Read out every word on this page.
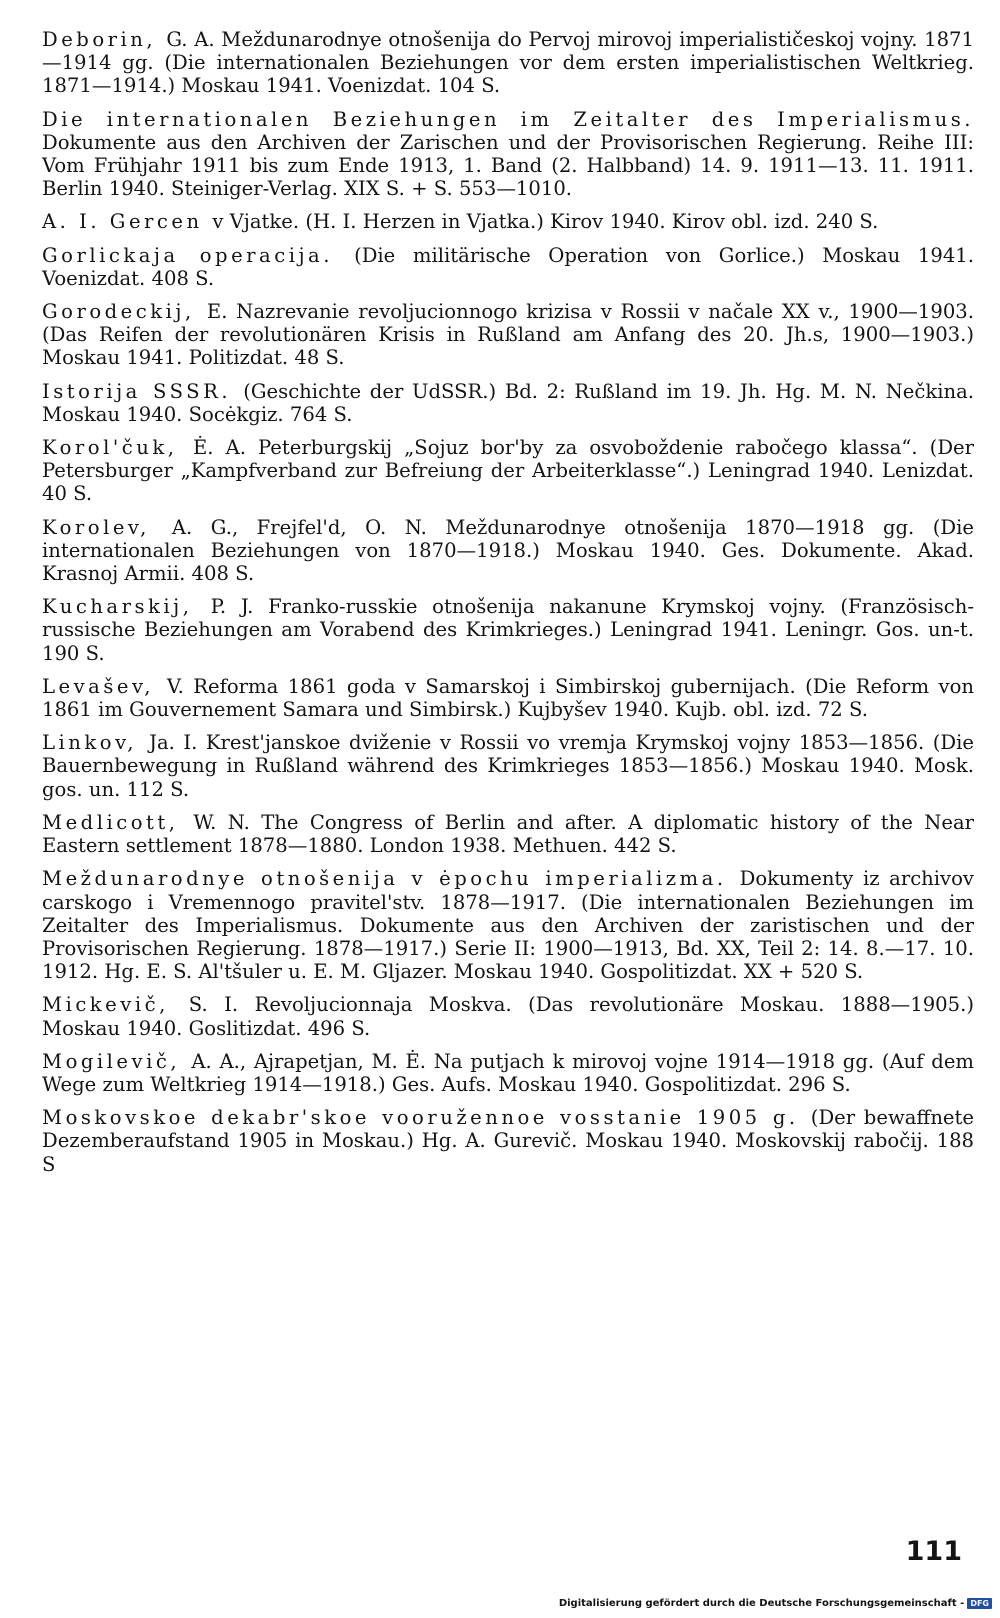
Deborin, G. A. Meždunarodnye otnošenija do Pervoj mirovoj imperialističeskoj vojny. 1871—1914 gg. (Die internationalen Beziehungen vor dem ersten imperialistischen Weltkrieg. 1871—1914.) Moskau 1941. Voenizdat. 104 S.

Die internationalen Beziehungen im Zeitalter des Imperialismus. Dokumente aus den Archiven der Zarischen und der Provisorischen Regierung. Reihe III: Vom Frühjahr 1911 bis zum Ende 1913, 1. Band (2. Halbband) 14. 9. 1911—13. 11. 1911. Berlin 1940. Steiniger-Verlag. XIX S. + S. 553—1010.

A. I. Gercen v Vjatke. (H. I. Herzen in Vjatka.) Kirov 1940. Kirov obl. izd. 240 S.

Gorlickaja operacija. (Die militärische Operation von Gorlice.) Moskau 1941. Voenizdat. 408 S.

Gorodeckij, E. Nazrevanie revoljucionnogo krizisa v Rossii v načale XX v., 1900—1903. (Das Reifen der revolutionären Krisis in Rußland am Anfang des 20. Jh.s, 1900—1903.) Moskau 1941. Politizdat. 48 S.

Istorija SSSR. (Geschichte der UdSSR.) Bd. 2: Rußland im 19. Jh. Hg. M. N. Nečkina. Moskau 1940. Socėkgiz. 764 S.

Korol'čuk, Ė. A. Peterburgskij „Sojuz bor'by za osvoboždenie rabočego klassa“. (Der Petersburger „Kampfverband zur Befreiung der Arbeiterklasse“.) Leningrad 1940. Lenizdat. 40 S.

Korolev, A. G., Frejfel'd, O. N. Meždunarodnye otnošenija 1870—1918 gg. (Die internationalen Beziehungen von 1870—1918.) Moskau 1940. Ges. Dokumente. Akad. Krasnoj Armii. 408 S.

Kucharskij, P. J. Franko-russkie otnošenija nakanune Krymskoj vojny. (Französisch-russische Beziehungen am Vorabend des Krimkrieges.) Leningrad 1941. Leningr. Gos. un-t. 190 S.

Levašev, V. Reforma 1861 goda v Samarskoj i Simbirskoj gubernijach. (Die Reform von 1861 im Gouvernement Samara und Simbirsk.) Kujbyšev 1940. Kujb. obl. izd. 72 S.

Linkov, Ja. I. Krest'janskoe dviženie v Rossii vo vremja Krymskoj vojny 1853—1856. (Die Bauernbewegung in Rußland während des Krimkrieges 1853—1856.) Moskau 1940. Mosk. gos. un. 112 S.

Medlicott, W. N. The Congress of Berlin and after. A diplomatic history of the Near Eastern settlement 1878—1880. London 1938. Methuen. 442 S.

Meždunarodnye otnošenija v ėpochu imperializma. Dokumenty iz archivov carskogo i Vremennogo pravitel'stv. 1878—1917. (Die internationalen Beziehungen im Zeitalter des Imperialismus. Dokumente aus den Archiven der zaristischen und der Provisorischen Regierung. 1878—1917.) Serie II: 1900—1913, Bd. XX, Teil 2: 14. 8.—17. 10. 1912. Hg. E. S. Al'tšuler u. E. M. Gljazer. Moskau 1940. Gospolitizdat. XX + 520 S.

Mickevič, S. I. Revoljucionnaja Moskva. (Das revolutionäre Moskau. 1888—1905.) Moskau 1940. Goslitizdat. 496 S.

Mogilevič, A. A., Ajrapetjan, M. Ė. Na putjach k mirovoj vojne 1914—1918 gg. (Auf dem Wege zum Weltkrieg 1914—1918.) Ges. Aufs. Moskau 1940. Gospolitizdat. 296 S.

Moskovskoe dekabr'skoe vooružennoe vosstanie 1905 g. (Der bewaffnete Dezemberaufstand 1905 in Moskau.) Hg. A. Gurevič. Moskau 1940. Moskovskij rabočij. 188 S

111
Digitalisierung gefördert durch die Deutsche Forschungsgemeinschaft - DFG
